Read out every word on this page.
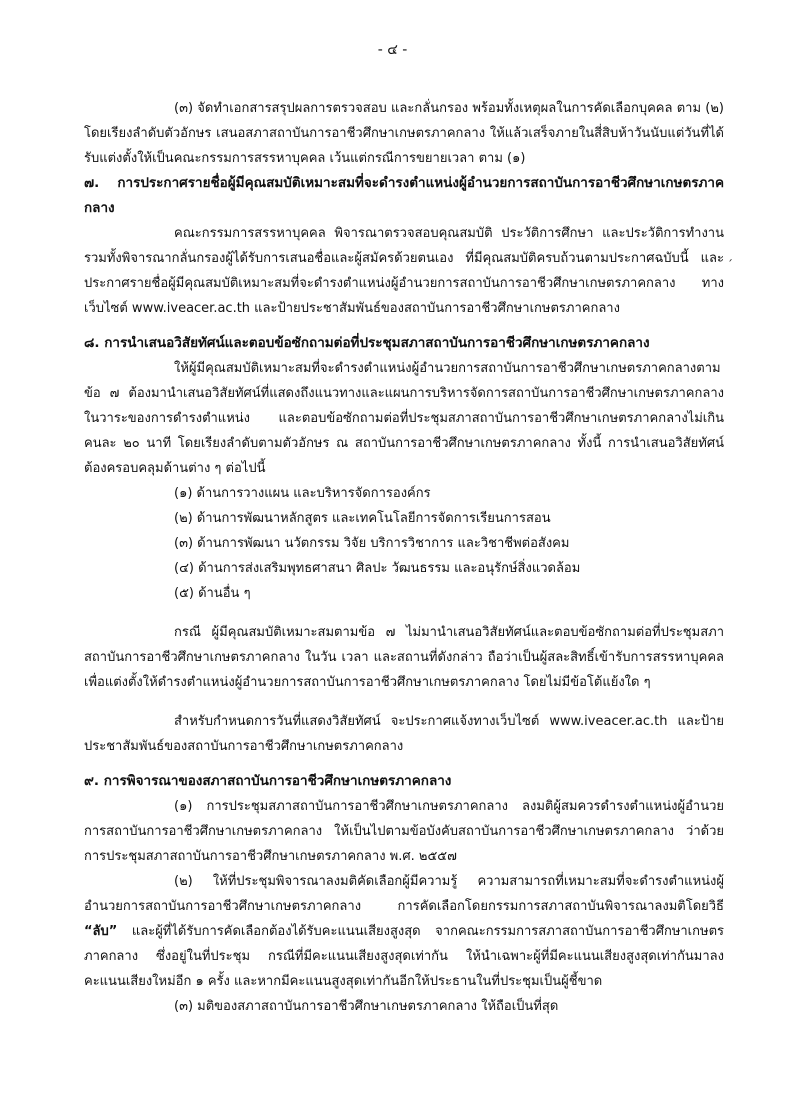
- ๔ -

(๓) จัดทำเอกสารสรุปผลการตรวจสอบ และกลั่นกรอง พร้อมทั้งเหตุผลในการคัดเลือกบุคคล ตาม (๒) โดยเรียงลำดับตัวอักษร เสนอสภาสถาบันการอาชีวศึกษาเกษตรภาคกลาง ให้แล้วเสร็จภายในสี่สิบห้าวันนับแต่วันที่ได้รับแต่งตั้งให้เป็นคณะกรรมการสรรหาบุคคล เว้นแต่กรณีการขยายเวลา ตาม (๑)

๗. การประกาศรายชื่อผู้มีคุณสมบัติเหมาะสมที่จะดำรงตำแหน่งผู้อำนวยการสถาบันการอาชีวศึกษาเกษตรภาคกลาง

คณะกรรมการสรรหาบุคคล พิจารณาตรวจสอบคุณสมบัติ ประวัติการศึกษา และประวัติการทำงานรวมทั้งพิจารณากลั่นกรองผู้ได้รับการเสนอชื่อและผู้สมัครด้วยตนเอง ที่มีคุณสมบัติครบถ้วนตามประกาศฉบับนี้ และประกาศรายชื่อผู้มีคุณสมบัติเหมาะสมที่จะดำรงตำแหน่งผู้อำนวยการสถาบันการอาชีวศึกษาเกษตรภาคกลาง ทางเว็บไซต์ www.iveacer.ac.th และป้ายประชาสัมพันธ์ของสถาบันการอาชีวศึกษาเกษตรภาคกลาง

๘. การนำเสนอวิสัยทัศน์และตอบข้อซักถามต่อที่ประชุมสภาสถาบันการอาชีวศึกษาเกษตรภาคกลาง

ให้ผู้มีคุณสมบัติเหมาะสมที่จะดำรงตำแหน่งผู้อำนวยการสถาบันการอาชีวศึกษาเกษตรภาคกลางตามข้อ ๗ ต้องมานำเสนอวิสัยทัศน์ที่แสดงถึงแนวทางและแผนการบริหารจัดการสถาบันการอาชีวศึกษาเกษตรภาคกลาง ในวาระของการดำรงตำแหน่ง และตอบข้อซักถามต่อที่ประชุมสภาสถาบันการอาชีวศึกษาเกษตรภาคกลางไม่เกินคนละ ๒๐ นาที โดยเรียงลำดับตามตัวอักษร ณ สถาบันการอาชีวศึกษาเกษตรภาคกลาง ทั้งนี้ การนำเสนอวิสัยทัศน์ต้องครอบคลุมด้านต่าง ๆ ต่อไปนี้

(๑) ด้านการวางแผน และบริหารจัดการองค์กร

(๒) ด้านการพัฒนาหลักสูตร และเทคโนโลยีการจัดการเรียนการสอน

(๓) ด้านการพัฒนา นวัตกรรม วิจัย บริการวิชาการ และวิชาชีพต่อสังคม

(๔) ด้านการส่งเสริมพุทธศาสนา ศิลปะ วัฒนธรรม และอนุรักษ์สิ่งแวดล้อม

(๕) ด้านอื่น ๆ

กรณี ผู้มีคุณสมบัติเหมาะสมตามข้อ ๗ ไม่มานำเสนอวิสัยทัศน์และตอบข้อซักถามต่อที่ประชุมสภาสถาบันการอาชีวศึกษาเกษตรภาคกลาง ในวัน เวลา และสถานที่ดังกล่าว ถือว่าเป็นผู้สละสิทธิ์เข้ารับการสรรหาบุคคลเพื่อแต่งตั้งให้ดำรงตำแหน่งผู้อำนวยการสถาบันการอาชีวศึกษาเกษตรภาคกลาง โดยไม่มีข้อโต้แย้งใด ๆ

สำหรับกำหนดการวันที่แสดงวิสัยทัศน์ จะประกาศแจ้งทางเว็บไซต์ www.iveacer.ac.th และป้ายประชาสัมพันธ์ของสถาบันการอาชีวศึกษาเกษตรภาคกลาง

๙. การพิจารณาของสภาสถาบันการอาชีวศึกษาเกษตรภาคกลาง

(๑) การประชุมสภาสถาบันการอาชีวศึกษาเกษตรภาคกลาง ลงมติผู้สมควรดำรงตำแหน่งผู้อำนวยการสถาบันการอาชีวศึกษาเกษตรภาคกลาง ให้เป็นไปตามข้อบังคับสถาบันการอาชีวศึกษาเกษตรภาคกลาง ว่าด้วยการประชุมสภาสถาบันการอาชีวศึกษาเกษตรภาคกลาง พ.ศ. ๒๕๕๗

(๒) ให้ที่ประชุมพิจารณาลงมติคัดเลือกผู้มีความรู้ ความสามารถที่เหมาะสมที่จะดำรงตำแหน่งผู้อำนวยการสถาบันการอาชีวศึกษาเกษตรภาคกลาง การคัดเลือกโดยกรรมการสภาสถาบันพิจารณาลงมติโดยวิธี “ลับ” และผู้ที่ได้รับการคัดเลือกต้องได้รับคะแนนเสียงสูงสุด จากคณะกรรมการสภาสถาบันการอาชีวศึกษาเกษตรภาคกลาง ซึ่งอยู่ในที่ประชุม กรณีที่มีคะแนนเสียงสูงสุดเท่ากัน ให้นำเฉพาะผู้ที่มีคะแนนเสียงสูงสุดเท่ากันมาลงคะแนนเสียงใหม่อีก ๑ ครั้ง และหากมีคะแนนสูงสุดเท่ากันอีกให้ประธานในที่ประชุมเป็นผู้ชี้ขาด

(๓) มติของสภาสถาบันการอาชีวศึกษาเกษตรภาคกลาง ให้ถือเป็นที่สุด

´
